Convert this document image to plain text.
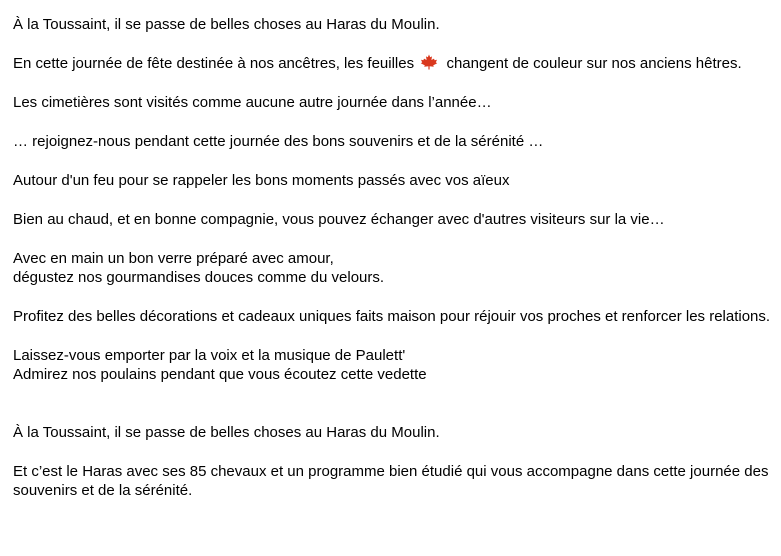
À la Toussaint, il se passe de belles choses au Haras du Moulin.

En cette journée de fête destinée à nos ancêtres, les feuilles changent de couleur sur nos anciens hêtres.

Les cimetières sont visités comme aucune autre journée dans l’année…

… rejoignez-nous pendant cette journée des bons souvenirs et de la sérénité …

Autour d'un feu pour se rappeler les bons moments passés avec vos aïeux

Bien au chaud, et en bonne compagnie, vous pouvez échanger avec d'autres visiteurs sur la vie…

Avec en main un bon verre préparé avec amour,
dégustez nos gourmandises douces comme du velours.

Profitez des belles décorations et cadeaux uniques faits maison pour réjouir vos proches et renforcer les relations.

Laissez-vous emporter par la voix et la musique de Paulett'
Admirez nos poulains pendant que vous écoutez cette vedette

À la Toussaint, il se passe de belles choses au Haras du Moulin.

Et c’est le Haras avec ses 85 chevaux et un programme bien étudié qui vous accompagne dans cette journée des souvenirs et de la sérénité.
